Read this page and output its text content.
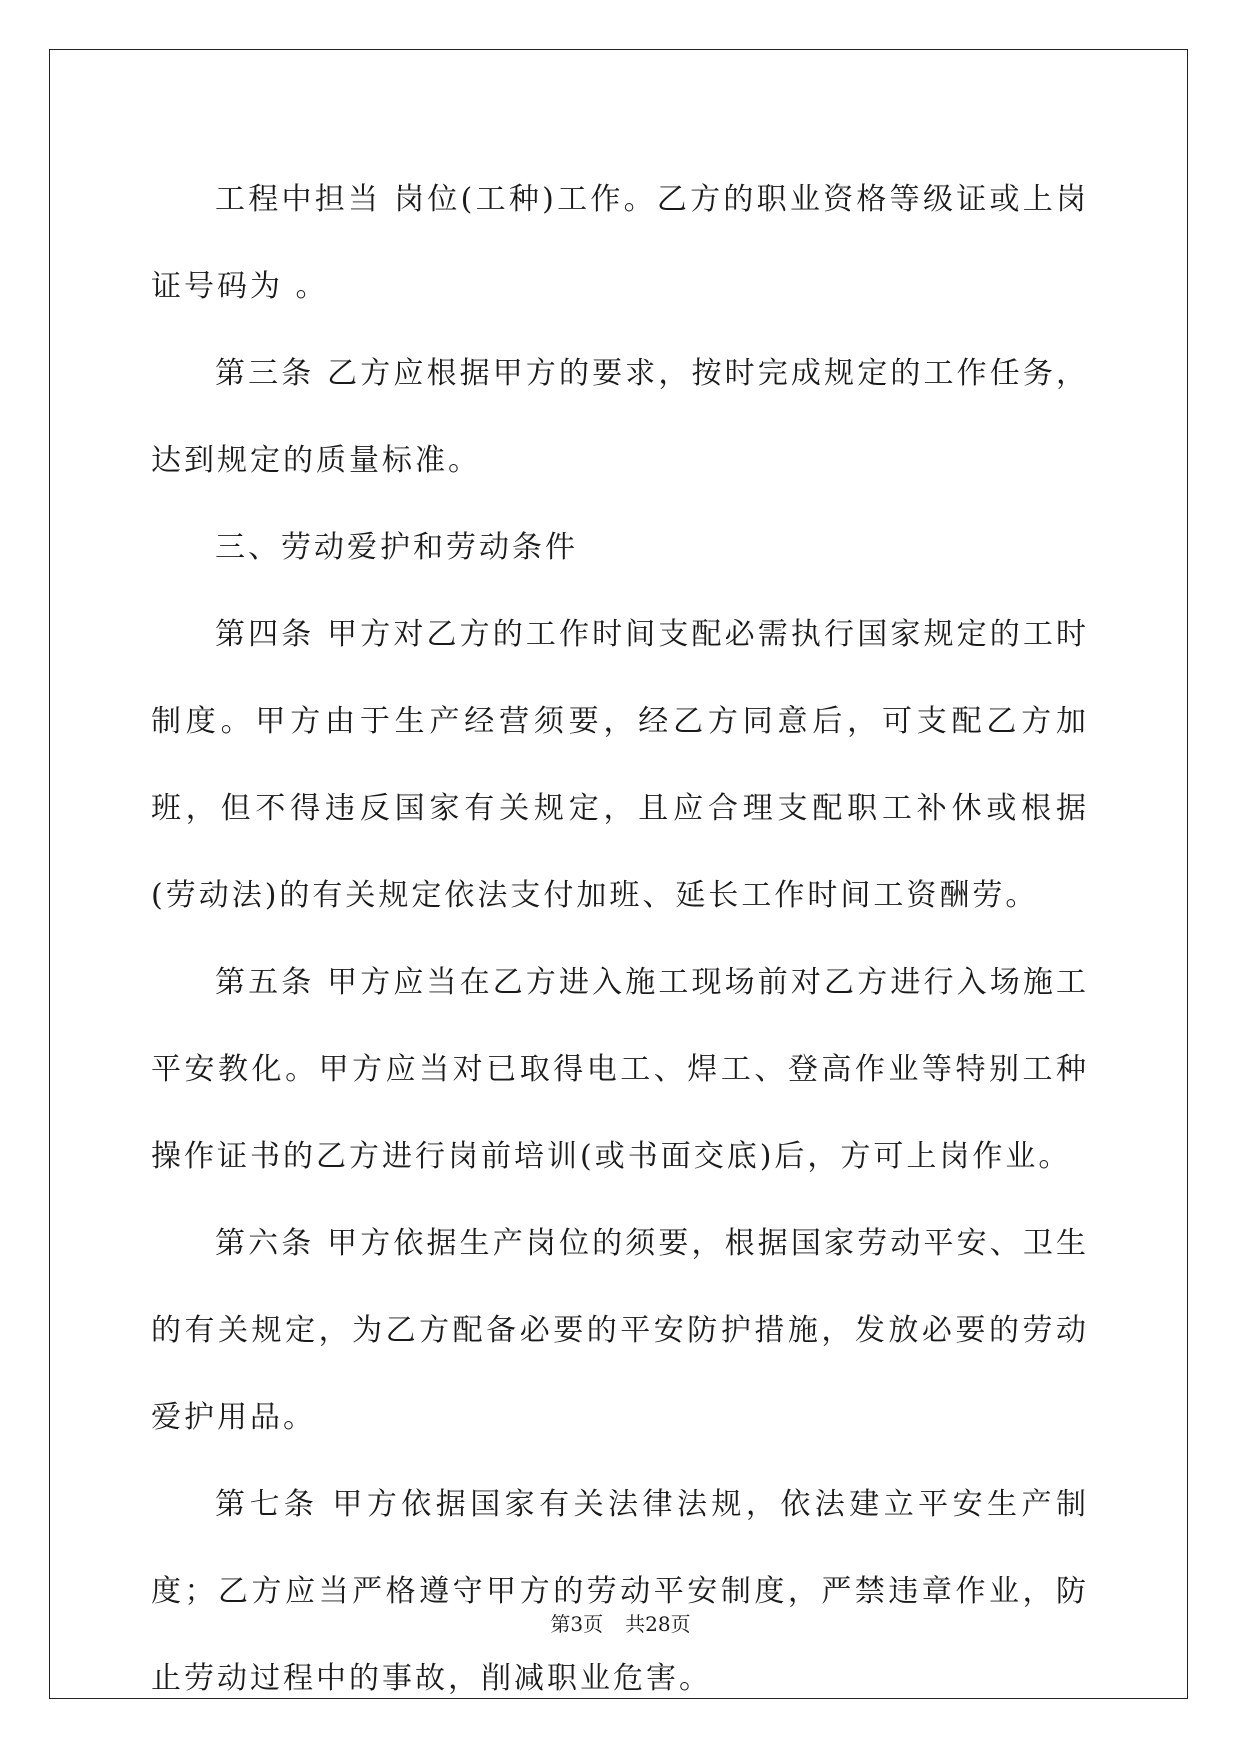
工程中担当 岗位(工种)工作。乙方的职业资格等级证或上岗证号码为 。

第三条 乙方应根据甲方的要求，按时完成规定的工作任务，达到规定的质量标准。

三、劳动爱护和劳动条件

第四条 甲方对乙方的工作时间支配必需执行国家规定的工时制度。甲方由于生产经营须要，经乙方同意后，可支配乙方加班，但不得违反国家有关规定，且应合理支配职工补休或根据(劳动法)的有关规定依法支付加班、延长工作时间工资酬劳。

第五条 甲方应当在乙方进入施工现场前对乙方进行入场施工平安教化。甲方应当对已取得电工、焊工、登高作业等特别工种操作证书的乙方进行岗前培训(或书面交底)后，方可上岗作业。

第六条 甲方依据生产岗位的须要，根据国家劳动平安、卫生的有关规定，为乙方配备必要的平安防护措施，发放必要的劳动爱护用品。

第七条 甲方依据国家有关法律法规，依法建立平安生产制度；乙方应当严格遵守甲方的劳动平安制度，严禁违章作业，防止劳动过程中的事故，削减职业危害。

第3页 共28页
